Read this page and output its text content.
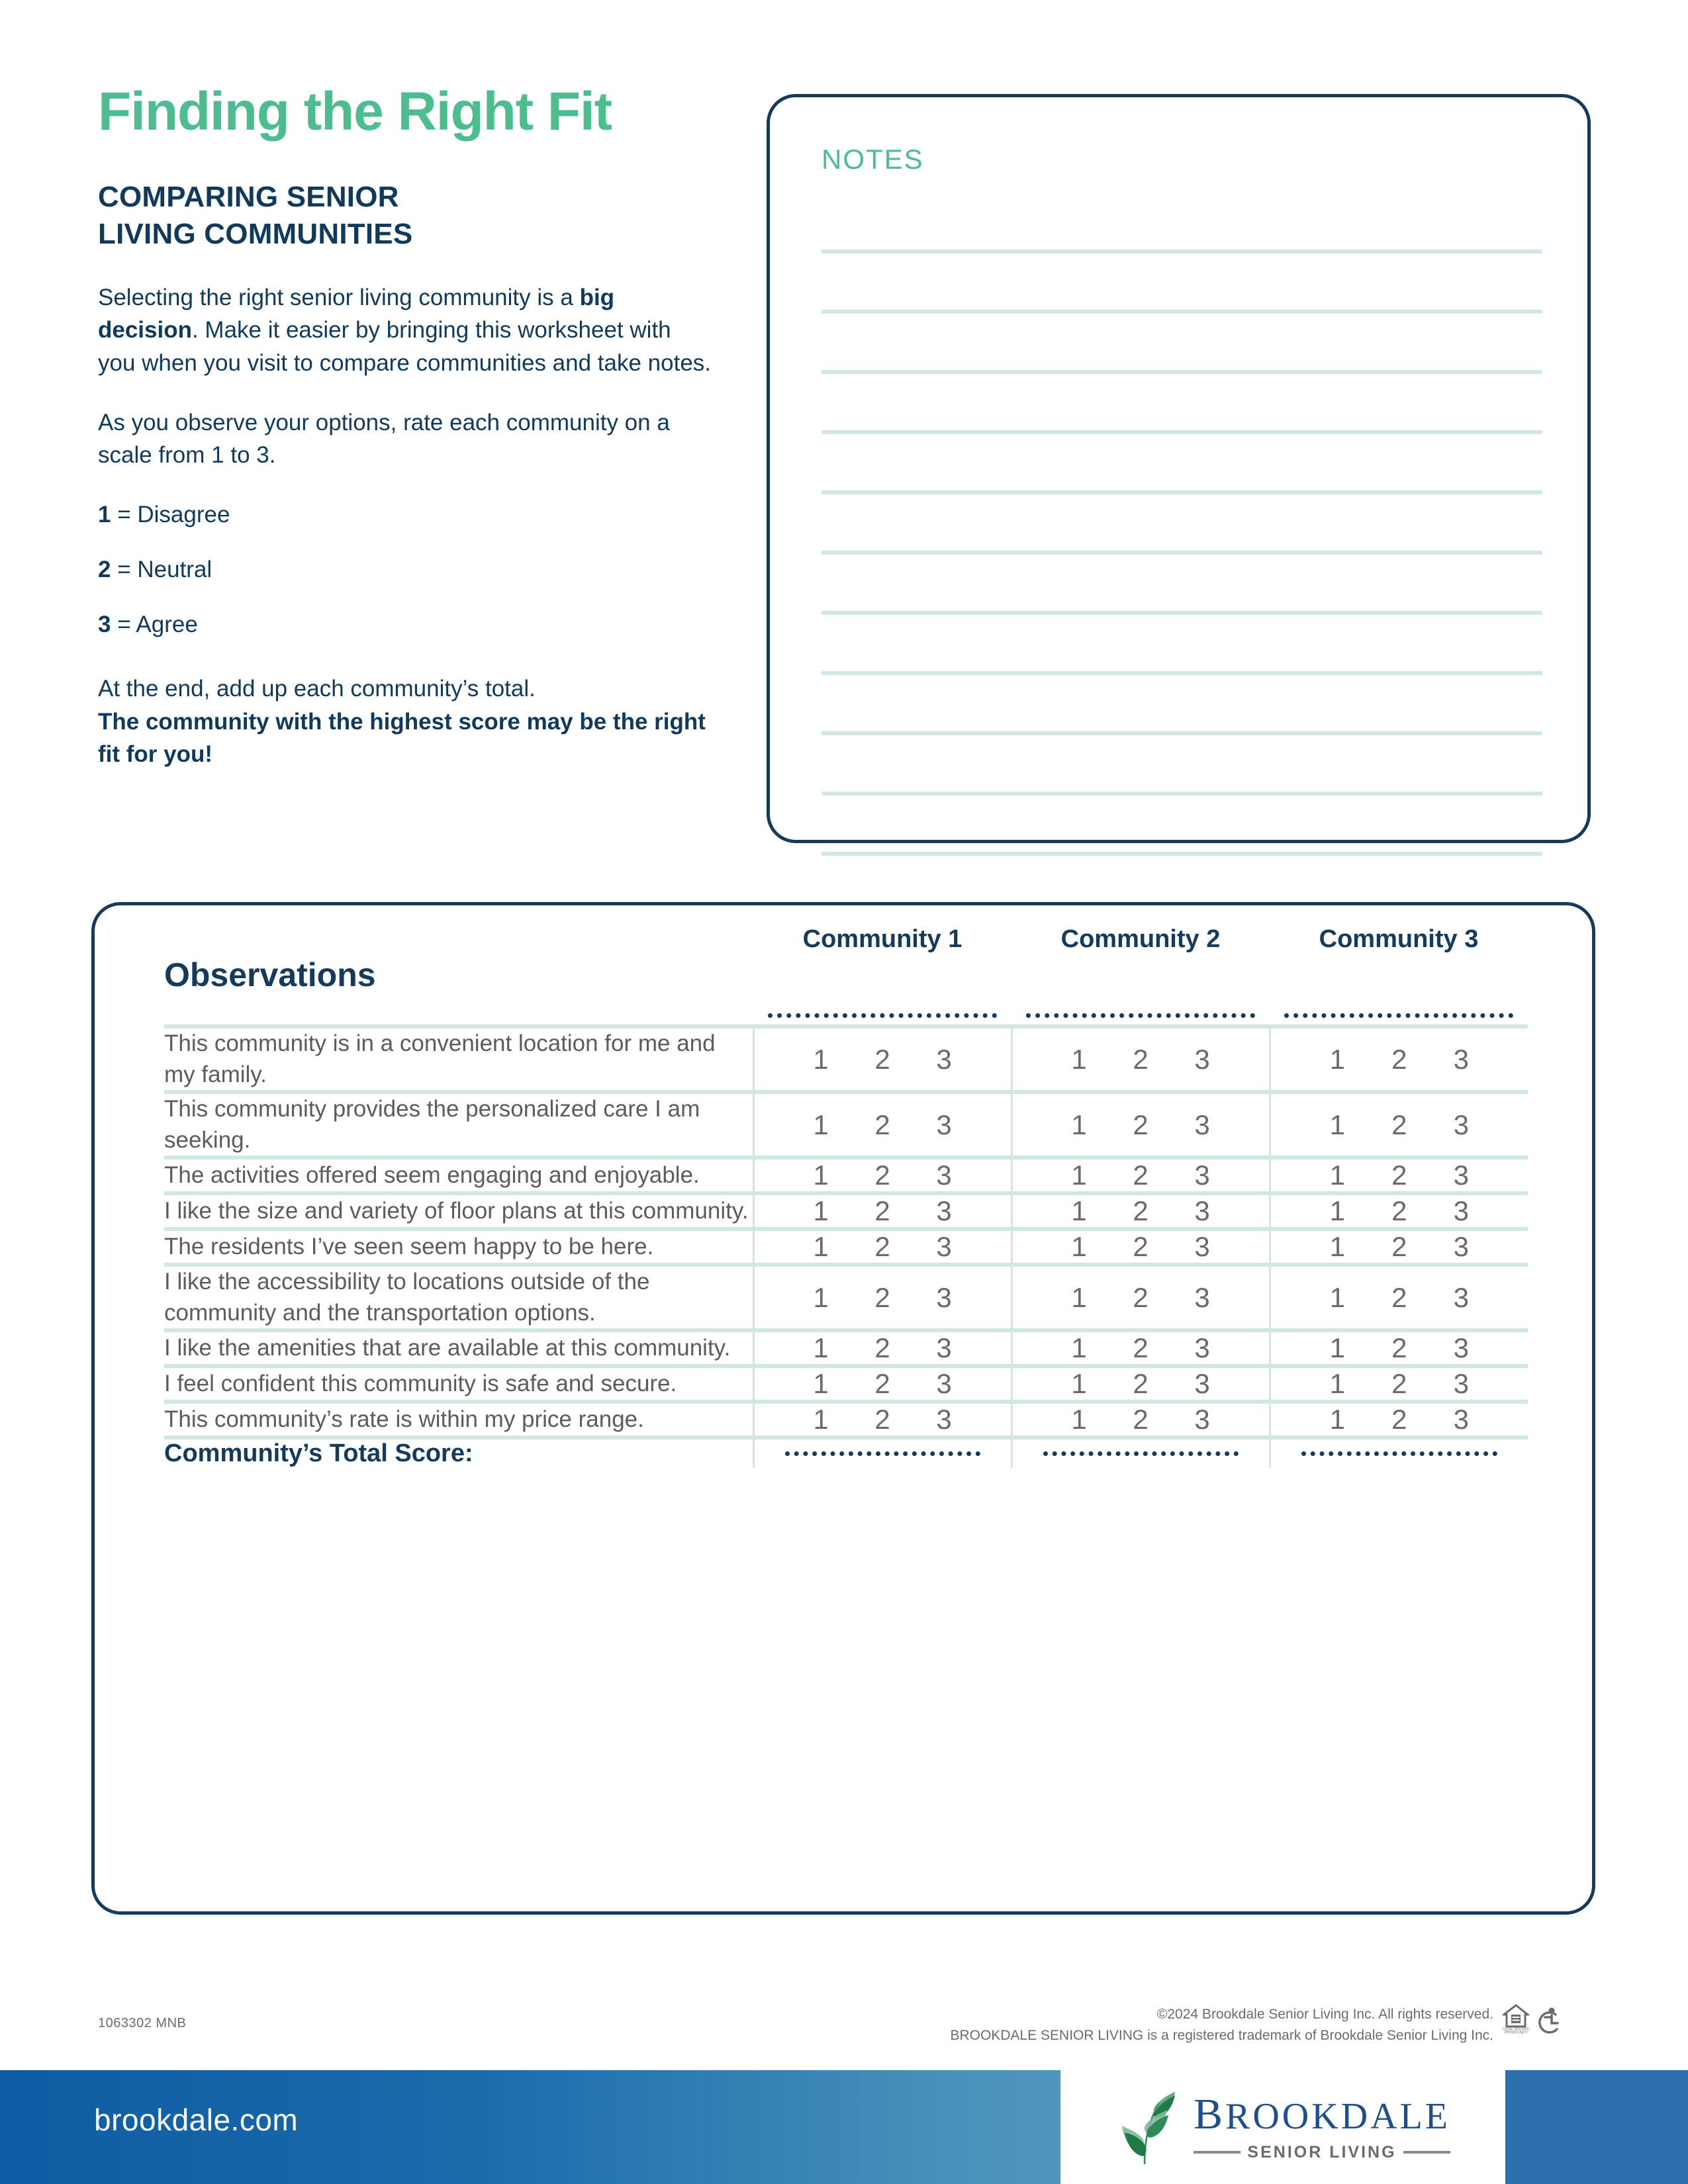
Finding the Right Fit
COMPARING SENIOR
LIVING COMMUNITIES
Selecting the right senior living community is a big decision. Make it easier by bringing this worksheet with you when you visit to compare communities and take notes.
As you observe your options, rate each community on a scale from 1 to 3.
1 = Disagree
2 = Neutral
3 = Agree
At the end, add up each community’s total.
The community with the highest score may be the right fit for you!
NOTES
Observations	Community 1	Community 2	Community 3

This community is in a convenient location for me and my family.	1 2 3	1 2 3	1 2 3

This community provides the personalized care I am seeking.	1 2 3	1 2 3	1 2 3

The activities offered seem engaging and enjoyable.	1 2 3	1 2 3	1 2 3

I like the size and variety of floor plans at this community.	1 2 3	1 2 3	1 2 3

The residents I’ve seen seem happy to be here.	1 2 3	1 2 3	1 2 3

I like the accessibility to locations outside of the community and the transportation options.	1 2 3	1 2 3	1 2 3

I like the amenities that are available at this community.	1 2 3	1 2 3	1 2 3

I feel confident this community is safe and secure.	1 2 3	1 2 3	1 2 3

This community’s rate is within my price range.	1 2 3	1 2 3	1 2 3

Community’s Total Score:	

1063302 MNB
©2024 Brookdale Senior Living Inc. All rights reserved.
BROOKDALE SENIOR LIVING is a registered trademark of Brookdale Senior Living Inc.	EQUAL HOUSING
OPPORTUNITY
brookdale.com	BROOKDALE
SENIOR LIVING
